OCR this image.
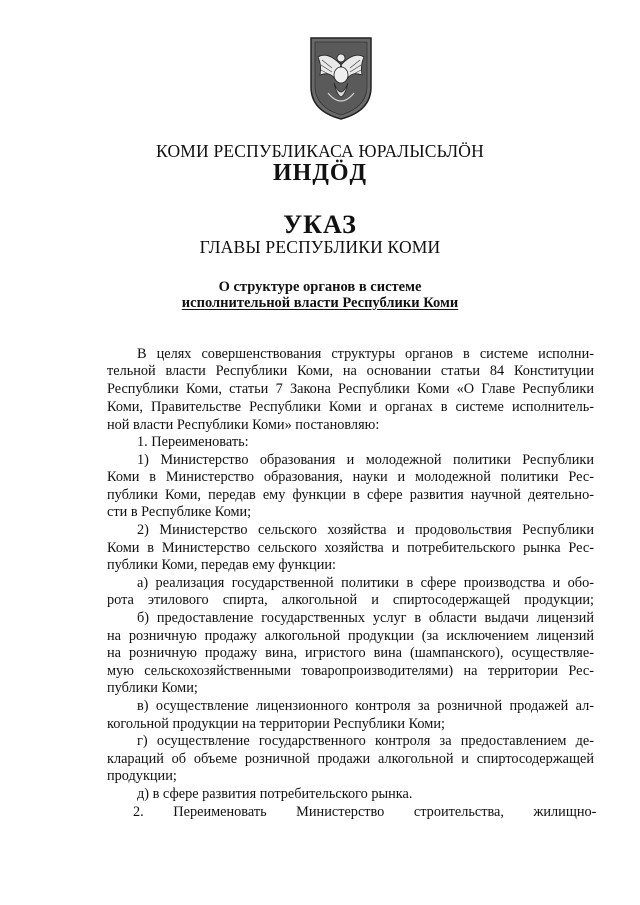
КОМИ РЕСПУБЛИКАСА ЮРАЛЫСЬЛÖН
ИНДÖД
УКАЗ
ГЛАВЫ РЕСПУБЛИКИ КОМИ
О структуре органов в системе
исполнительной власти Республики Коми
В целях совершенствования структуры органов в системе исполни-
тельной власти Республики Коми, на основании статьи 84 Конституции
Республики Коми, статьи 7 Закона Республики Коми «О Главе Республики
Коми, Правительстве Республики Коми и органах в системе исполнитель-
ной власти Республики Коми» постановляю:
1. Переименовать:
1) Министерство образования и молодежной политики Республики
Коми в Министерство образования, науки и молодежной политики Рес-
публики Коми, передав ему функции в сфере развития научной деятельно-
сти в Республике Коми;
2) Министерство сельского хозяйства и продовольствия Республики
Коми в Министерство сельского хозяйства и потребительского рынка Рес-
публики Коми, передав ему функции:
а) реализация государственной политики в сфере производства и обо-
рота этилового спирта, алкогольной и спиртосодержащей продукции;
б) предоставление государственных услуг в области выдачи лицензий
на розничную продажу алкогольной продукции (за исключением лицензий
на розничную продажу вина, игристого вина (шампанского), осуществляе-
мую сельскохозяйственными товаропроизводителями) на территории Рес-
публики Коми;
в) осуществление лицензионного контроля за розничной продажей ал-
когольной продукции на территории Республики Коми;
г) осуществление государственного контроля за предоставлением де-
клараций об объеме розничной продажи алкогольной и спиртосодержащей
продукции;
д) в сфере развития потребительского рынка.
2. Переименовать Министерство строительства, жилищно-
